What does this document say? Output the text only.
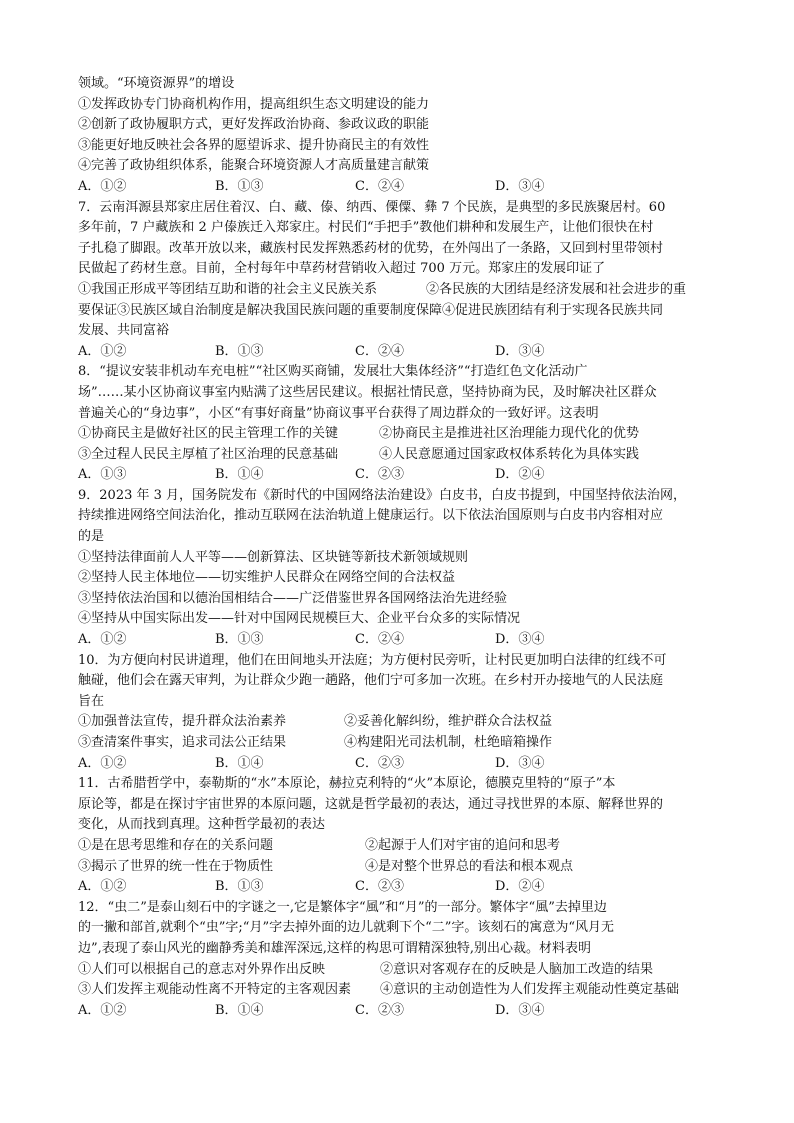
领域。“环境资源界”的增设
①发挥政协专门协商机构作用，提高组织生态文明建设的能力
②创新了政协履职方式，更好发挥政治协商、参政议政的职能
③能更好地反映社会各界的愿望诉求、提升协商民主的有效性
④完善了政协组织体系，能聚合环境资源人才高质量建言献策
A．①②	B．①③	C．②④	D．③④
7．云南洱源县郑家庄居住着汉、白、藏、傣、纳西、傈僳、彝 7 个民族，是典型的多民族聚居村。60
多年前，7 户藏族和 2 户傣族迁入郑家庄。村民们“手把手”教他们耕种和发展生产，让他们很快在村
子扎稳了脚跟。改革开放以来，藏族村民发挥熟悉药材的优势，在外闯出了一条路，又回到村里带领村
民做起了药材生意。目前，全村每年中草药材营销收入超过 700 万元。郑家庄的发展印证了
①我国正形成平等团结互助和谐的社会主义民族关系	②各民族的大团结是经济发展和社会进步的重
要保证③民族区域自治制度是解决我国民族问题的重要制度保障④促进民族团结有利于实现各民族共同
发展、共同富裕
A．①②	B．①③	C．②④	D．③④
8．“提议安装非机动车充电桩”“社区购买商铺，发展壮大集体经济”“打造红色文化活动广
场”……某小区协商议事室内贴满了这些居民建议。根据社情民意，坚持协商为民，及时解决社区群众
普遍关心的“身边事”，小区“有事好商量”协商议事平台获得了周边群众的一致好评。这表明
①协商民主是做好社区的民主管理工作的关键	②协商民主是推进社区治理能力现代化的优势
③全过程人民民主厚植了社区治理的民意基础	④人民意愿通过国家政权体系转化为具体实践
A．①③	B．①④	C．②③	D．②④
9．2023 年 3 月，国务院发布《新时代的中国网络法治建设》白皮书，白皮书提到，中国坚持依法治网，
持续推进网络空间法治化，推动互联网在法治轨道上健康运行。以下依法治国原则与白皮书内容相对应
的是
①坚持法律面前人人平等——创新算法、区块链等新技术新领域规则
②坚持人民主体地位——切实维护人民群众在网络空间的合法权益
③坚持依法治国和以德治国相结合——广泛借鉴世界各国网络法治先进经验
④坚持从中国实际出发——针对中国网民规模巨大、企业平台众多的实际情况
A．①②	B．①③	C．②④	D．③④
10．为方便向村民讲道理，他们在田间地头开法庭；为方便村民旁听，让村民更加明白法律的红线不可
触碰，他们会在露天审判，为让群众少跑一趟路，他们宁可多加一次班。在乡村开办接地气的人民法庭
旨在
①加强普法宣传，提升群众法治素养	②妥善化解纠纷，维护群众合法权益
③查清案件事实，追求司法公正结果	④构建阳光司法机制，杜绝暗箱操作
A．①②	B．①④	C．②③	D．③④
11．古希腊哲学中，泰勒斯的“水”本原论，赫拉克利特的“火”本原论，德膜克里特的“原子”本
原论等，都是在探讨宇宙世界的本原问题，这就是哲学最初的表达，通过寻找世界的本原、解释世界的
变化，从而找到真理。这种哲学最初的表达
①是在思考思维和存在的关系问题	②起源于人们对宇宙的追问和思考
③揭示了世界的统一性在于物质性	④是对整个世界总的看法和根本观点
A．①②	B．①③	C．②③	D．②④
12．“虫二”是泰山刻石中的字谜之一,它是繁体字“風”和“月”的一部分。繁体字“風”去掉里边
的一撇和部首,就剩个“虫”字;“月”字去掉外面的边儿就剩下个“二”字。该刻石的寓意为“风月无
边”,表现了泰山风光的幽静秀美和雄浑深远,这样的构思可谓精深独特,别出心裁。材料表明
①人们可以根据自己的意志对外界作出反映	②意识对客观存在的反映是人脑加工改造的结果
③人们发挥主观能动性离不开特定的主客观因素 ④意识的主动创造性为人们发挥主观能动性奠定基础
A．①②	B．①④	C．②③	D．③④
